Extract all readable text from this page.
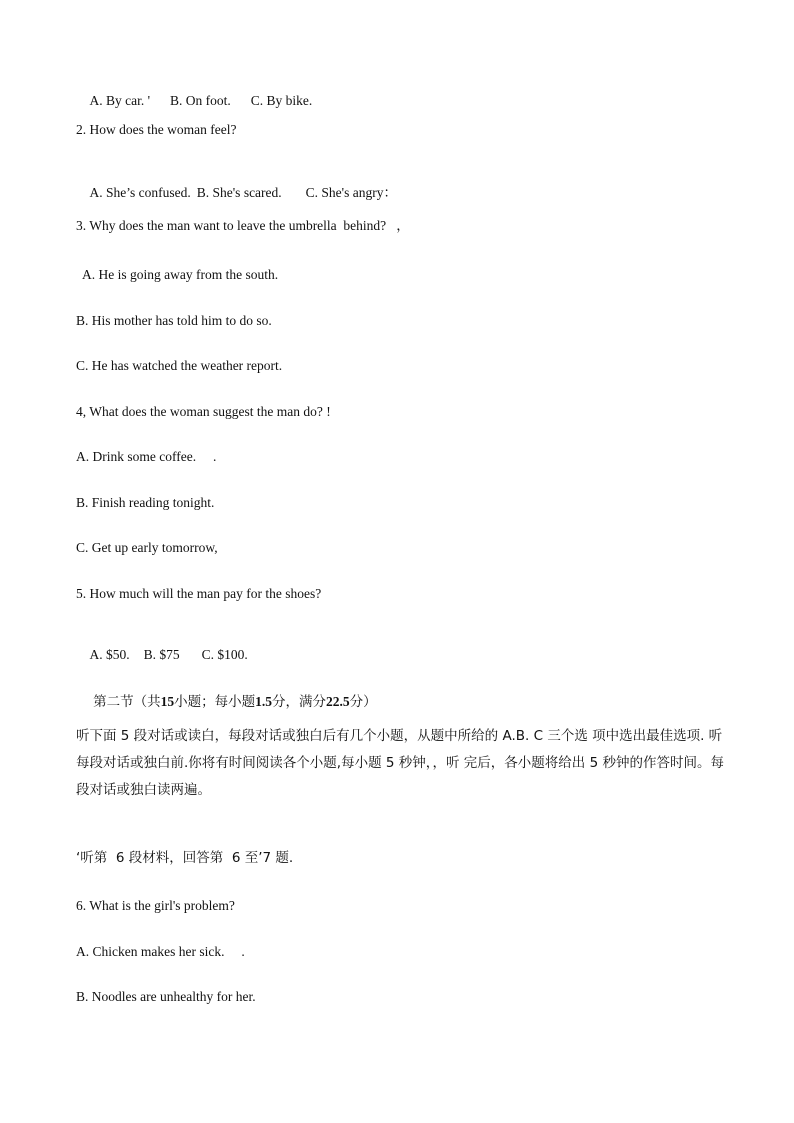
A. By car. ' B. On foot. C. By bike.

2. How does the woman feel?

A. She’s confused. B. She's scared. C. She's angry：

3. Why does the man want to leave the umbrella  behind?   ，
A. He is going away from the south.
B. His mother has told him to do so.
C. He has watched the weather report.
4, What does the woman suggest the man do? !
A. Drink some coffee.     .
B. Finish reading tonight.
C. Get up early tomorrow,
5. How much will the man pay for the shoes?

A. $50. B. $75 C. $100.

第二节（共15小题；每小题1.5分，满分22.5分）

听下面 5 段对话或读白，每段对话或独白后有几个小题，从题中所给的 A.B. C 三个选 项中选出最佳选项. 听每段对话或独白前.你将有时间阅读各个小题,每小题 5 秒钟，，听 完后，各小题将给出 5 秒钟的作答时间。每段对话或独白读两遍。
‘听第  6 段材料，回答第  6 至’7 题.
6. What is the girl's problem?
A. Chicken makes her sick.     .
B. Noodles are unhealthy for her.
